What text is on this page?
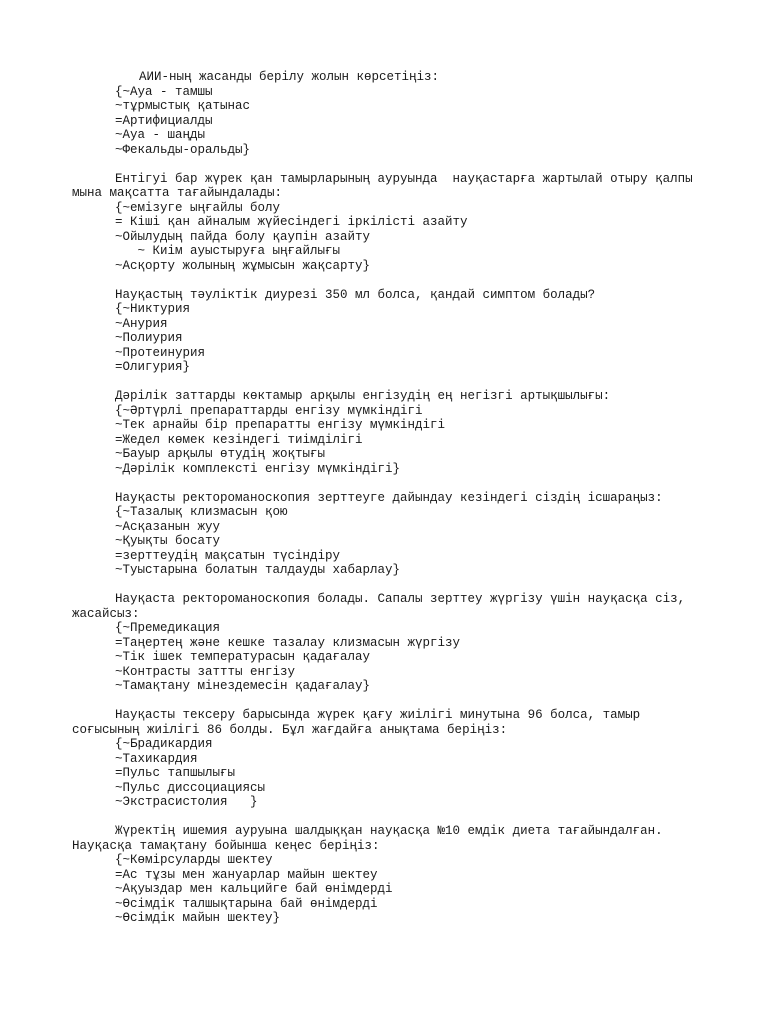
АИИ-ның жасанды берілу жолын көрсетіңіз:
{~Ауа - тамшы
~тұрмыстық қатынас
=Артифициалды
~Ауа - шаңды
~Фекальды-оральды}
Ентігуі бар жүрек қан тамырларының ауруында  науқастарға жартылай отыру қалпы мына мақсатта тағайындалады:
{~емізуге ыңғайлы болу
= Кіші қан айналым жүйесіндегі іркілісті азайту
~Ойылудың пайда болу қаупін азайту
~ Киім ауыстыруға ыңғайлығы
~Асқорту жолының жұмысын жақсарту}
Науқастың тәуліктік диурезі 350 мл болса, қандай симптом болады?
{~Никтурия
~Анурия
~Полиурия
~Протеинурия
=Олигурия}
Дәрілік заттарды көктамыр арқылы енгізудің ең негізгі артықшылығы:
{~Әртүрлі препараттарды енгізу мүмкіндігі
~Тек арнайы бір препаратты енгізу мүмкіндігі
=Жедел көмек кезіндегі тиімділігі
~Бауыр арқылы өтудің жоқтығы
~Дәрілік комплексті енгізу мүмкіндігі}
Науқасты ректороманоскопия зерттеуге дайындау кезіндегі сіздің ісшараңыз:
{~Тазалық клизмасын қою
~Асқазанын жуу
~Қуықты босату
=зерттеудің мақсатын түсіндіру
~Туыстарына болатын талдауды хабарлау}
Науқаста ректороманоскопия болады. Сапалы зерттеу жүргізу үшін науқасқа сіз, жасайсыз:
{~Премедикация
=Таңертең және кешке тазалау клизмасын жүргізу
~Тік ішек температурасын қадағалау
~Контрасты заттты енгізу
~Тамақтану мінездемесін қадағалау}
Науқасты тексеру барысында жүрек қағу жиілігі минутына 96 болса, тамыр соғысының жиілігі 86 болды. Бұл жағдайға анықтама беріңіз:
{~Брадикардия
~Тахикардия
=Пульс тапшылығы
~Пульс диссоциациясы
~Экстрасистолия   }
Жүректің ишемия ауруына шалдыққан науқасқа №10 емдік диета тағайындалған. Науқасқа тамақтану бойынша кеңес беріңіз:
{~Көмірсуларды шектеу
=Ас тұзы мен жануарлар майын шектеу
~Ақуыздар мен кальцийге бай өнімдерді
~Өсімдік талшықтарына бай өнімдерді
~Өсімдік майын шектеу}
